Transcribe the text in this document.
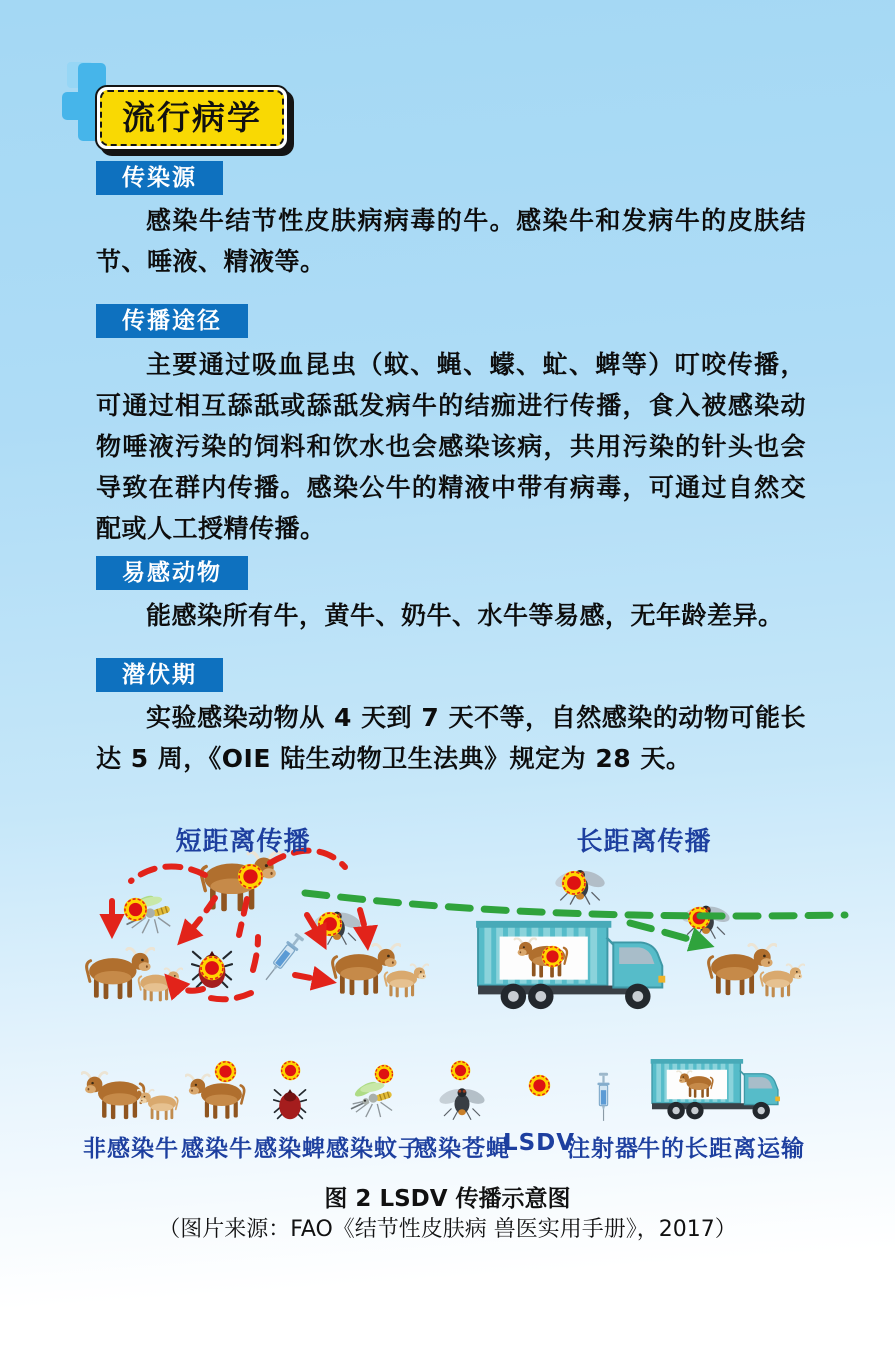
流行病学
传染源
感染牛结节性皮肤病病毒的牛。感染牛和发病牛的皮肤结节、唾液、精液等。
传播途径
主要通过吸血昆虫（蚊、蝇、蠓、虻、蜱等）叮咬传播，可通过相互舔舐或舔舐发病牛的结痂进行传播，食入被感染动物唾液污染的饲料和饮水也会感染该病，共用污染的针头也会导致在群内传播。感染公牛的精液中带有病毒，可通过自然交配或人工授精传播。
易感动物
能感染所有牛，黄牛、奶牛、水牛等易感，无年龄差异。
潜伏期
实验感染动物从 4 天到 7 天不等，自然感染的动物可能长达 5 周，《OIE 陆生动物卫生法典》规定为 28 天。
短距离传播	长距离传播
非感染牛 感染牛 感染蜱 感染蚊子
感染苍蝇
LSDV
注射器
牛的长距离运输
图 2 LSDV 传播示意图
（图片来源：FAO《结节性皮肤病 兽医实用手册》，2017）
